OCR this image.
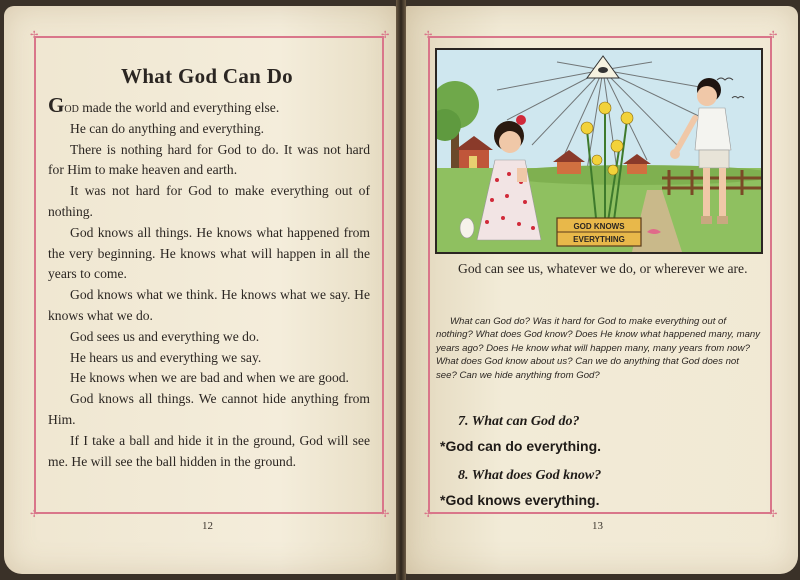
✢	✢
✢	✢
✢	✢
✢	✢
What God Can Do

God made the world and everything else.

He can do anything and everything.

There is nothing hard for God to do. It was not hard for Him to make heaven and earth.

It was not hard for God to make everything out of nothing.

God knows all things. He knows what happened from the very beginning. He knows what will happen in all the years to come.

God knows what we think. He knows what we say. He knows what we do.

God sees us and everything we do.

He hears us and everything we say.

He knows when we are bad and when we are good.

God knows all things. We cannot hide anything from Him.

If I take a ball and hide it in the ground, God will see me. He will see the ball hidden in the ground.

12
GOD KNOWS
EVERYTHING

God can see us, whatever we do, or wherever we are.

What can God do? Was it hard for God to make everything out of nothing? What does God know? Does He know what happened many, many years ago? Does He know what will happen many, many years from now? What does God know about us? Can we do anything that God does not see? Can we hide anything from God?
7. What can God do?
*God can do everything.
8. What does God know?
*God knows everything.
13
